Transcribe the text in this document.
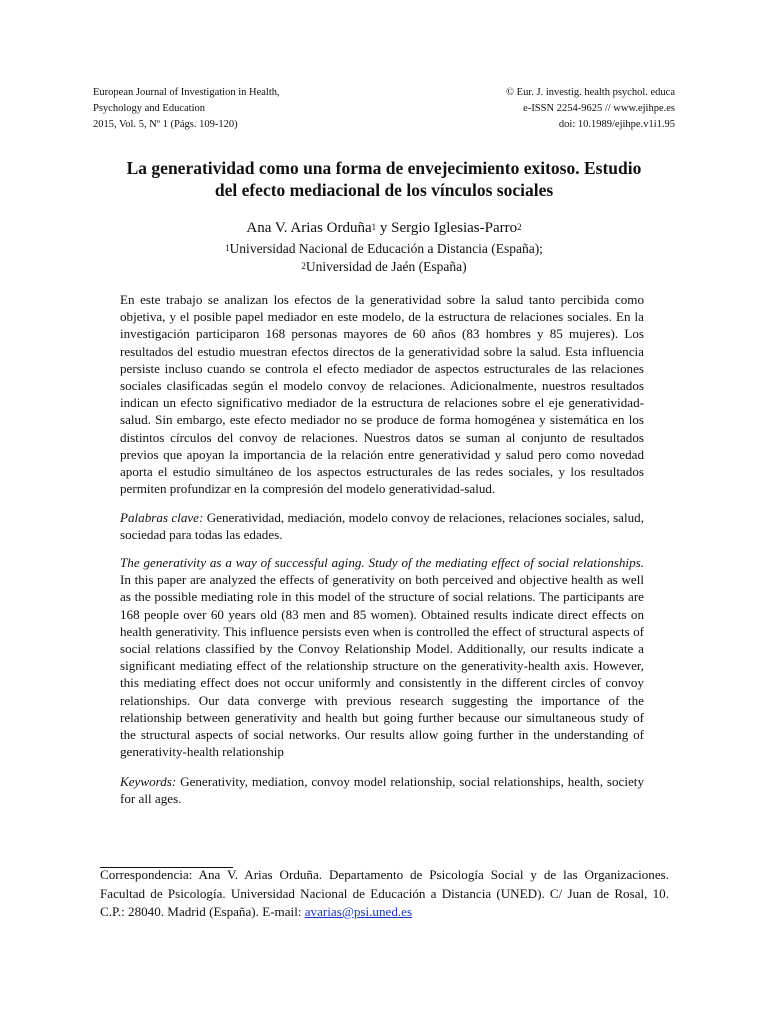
European Journal of Investigation in Health,
Psychology and Education
2015, Vol. 5, Nº 1 (Págs. 109-120)
© Eur. J. investig. health psychol. educa
e-ISSN 2254-9625 // www.ejihpe.es
doi: 10.1989/ejihpe.v1i1.95
La generatividad como una forma de envejecimiento exitoso. Estudio
del efecto mediacional de los vínculos sociales
Ana V. Arias Orduña$^1$ y Sergio Iglesias-Parro$^2$
$^1$Universidad Nacional de Educación a Distancia (España);
$^2$Universidad de Jaén (España)
En este trabajo se analizan los efectos de la generatividad sobre la salud tanto percibida como objetiva, y el posible papel mediador en este modelo, de la estructura de relaciones sociales. En la investigación participaron 168 personas mayores de 60 años (83 hombres y 85 mujeres). Los resultados del estudio muestran efectos directos de la generatividad sobre la salud. Esta influencia persiste incluso cuando se controla el efecto mediador de aspectos estructurales de las relaciones sociales clasificadas según el modelo convoy de relaciones. Adicionalmente, nuestros resultados indican un efecto significativo mediador de la estructura de relaciones sobre el eje generatividad-salud. Sin embargo, este efecto mediador no se produce de forma homogénea y sistemática en los distintos círculos del convoy de relaciones. Nuestros datos se suman al conjunto de resultados previos que apoyan la importancia de la relación entre generatividad y salud pero como novedad aporta el estudio simultáneo de los aspectos estructurales de las redes sociales, y los resultados permiten profundizar en la compresión del modelo generatividad-salud.
Palabras clave: Generatividad, mediación, modelo convoy de relaciones, relaciones sociales, salud, sociedad para todas las edades.
The generativity as a way of successful aging. Study of the mediating effect of social relationships. In this paper are analyzed the effects of generativity on both perceived and objective health as well as the possible mediating role in this model of the structure of social relations. The participants are 168 people over 60 years old (83 men and 85 women). Obtained results indicate direct effects on health generativity. This influence persists even when is controlled the effect of structural aspects of social relations classified by the Convoy Relationship Model. Additionally, our results indicate a significant mediating effect of the relationship structure on the generativity-health axis. However, this mediating effect does not occur uniformly and consistently in the different circles of convoy relationships. Our data converge with previous research suggesting the importance of the relationship between generativity and health but going further because our simultaneous study of the structural aspects of social networks. Our results allow going further in the understanding of generativity-health relationship
Keywords: Generativity, mediation, convoy model relationship, social relationships, health, society for all ages.
Correspondencia: Ana V. Arias Orduña. Departamento de Psicología Social y de las Organizaciones. Facultad de Psicología. Universidad Nacional de Educación a Distancia (UNED). C/ Juan de Rosal, 10. C.P.: 28040. Madrid (España). E-mail: avarias@psi.uned.es
